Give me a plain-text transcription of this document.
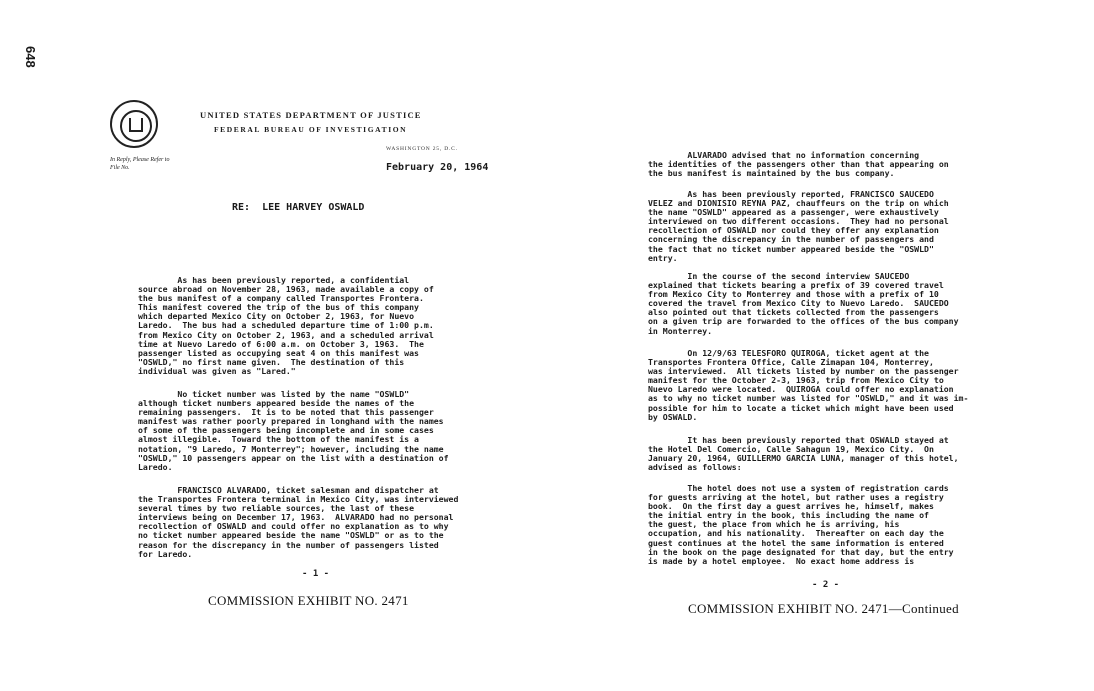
648
UNITED STATES DEPARTMENT OF JUSTICE
FEDERAL BUREAU OF INVESTIGATION
In Reply, Please Refer to
File No.
WASHINGTON 25, D.C.
February 20, 1964
RE:  LEE HARVEY OSWALD
As has been previously reported, a confidential
source abroad on November 28, 1963, made available a copy of
the bus manifest of a company called Transportes Frontera.
This manifest covered the trip of the bus of this company
which departed Mexico City on October 2, 1963, for Nuevo
Laredo.  The bus had a scheduled departure time of 1:00 p.m.
from Mexico City on October 2, 1963, and a scheduled arrival
time at Nuevo Laredo of 6:00 a.m. on October 3, 1963.  The
passenger listed as occupying seat 4 on this manifest was
"OSWLD," no first name given.  The destination of this
individual was given as "Lared."
No ticket number was listed by the name "OSWLD"
although ticket numbers appeared beside the names of the
remaining passengers.  It is to be noted that this passenger
manifest was rather poorly prepared in longhand with the names
of some of the passengers being incomplete and in some cases
almost illegible.  Toward the bottom of the manifest is a
notation, "9 Laredo, 7 Monterrey"; however, including the name
"OSWLD," 10 passengers appear on the list with a destination of
Laredo.
FRANCISCO ALVARADO, ticket salesman and dispatcher at
the Transportes Frontera terminal in Mexico City, was interviewed
several times by two reliable sources, the last of these
interviews being on December 17, 1963.  ALVARADO had no personal
recollection of OSWALD and could offer no explanation as to why
no ticket number appeared beside the name "OSWLD" or as to the
reason for the discrepancy in the number of passengers listed
for Laredo.
- 1 -
COMMISSION EXHIBIT NO. 2471
ALVARADO advised that no information concerning
the identities of the passengers other than that appearing on
the bus manifest is maintained by the bus company.
As has been previously reported, FRANCISCO SAUCEDO
VELEZ and DIONISIO REYNA PAZ, chauffeurs on the trip on which
the name "OSWLD" appeared as a passenger, were exhaustively
interviewed on two different occasions.  They had no personal
recollection of OSWALD nor could they offer any explanation
concerning the discrepancy in the number of passengers and
the fact that no ticket number appeared beside the "OSWLD"
entry.
In the course of the second interview SAUCEDO
explained that tickets bearing a prefix of 39 covered travel
from Mexico City to Monterrey and those with a prefix of 10
covered the travel from Mexico City to Nuevo Laredo.  SAUCEDO
also pointed out that tickets collected from the passengers
on a given trip are forwarded to the offices of the bus company
in Monterrey.
On 12/9/63 TELESFORO QUIROGA, ticket agent at the
Transportes Frontera Office, Calle Zimapan 104, Monterrey,
was interviewed.  All tickets listed by number on the passenger
manifest for the October 2-3, 1963, trip from Mexico City to
Nuevo Laredo were located.  QUIROGA could offer no explanation
as to why no ticket number was listed for "OSWLD," and it was im-
possible for him to locate a ticket which might have been used
by OSWALD.
It has been previously reported that OSWALD stayed at
the Hotel Del Comercio, Calle Sahagun 19, Mexico City.  On
January 20, 1964, GUILLERMO GARCIA LUNA, manager of this hotel,
advised as follows:
The hotel does not use a system of registration cards
for guests arriving at the hotel, but rather uses a registry
book.  On the first day a guest arrives he, himself, makes
the initial entry in the book, this including the name of
the guest, the place from which he is arriving, his
occupation, and his nationality.  Thereafter on each day the
guest continues at the hotel the same information is entered
in the book on the page designated for that day, but the entry
is made by a hotel employee.  No exact home address is
- 2 -
COMMISSION EXHIBIT NO. 2471—Continued
